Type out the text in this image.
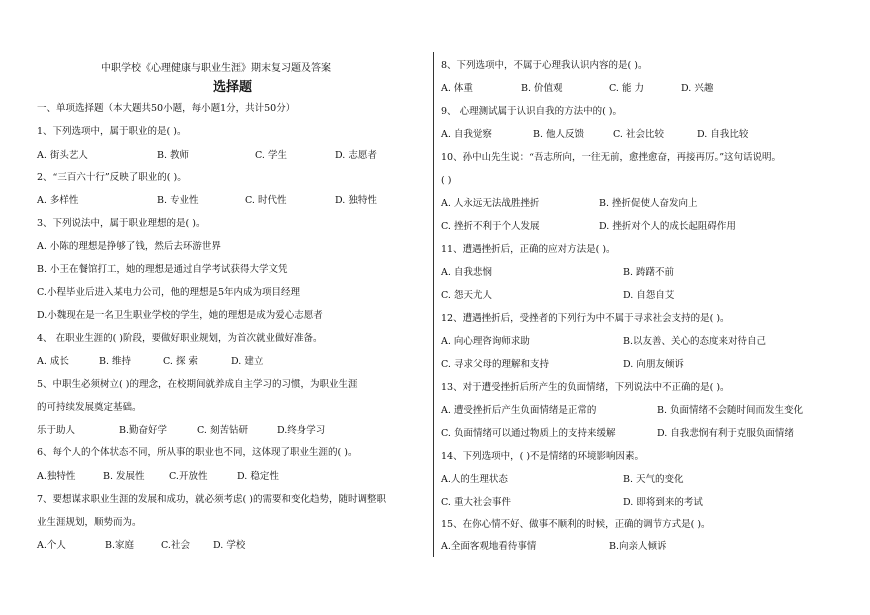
中职学校《心理健康与职业生涯》期末复习题及答案
选择题
一、单项选择题（本大题共50小题，每小题1分，共计50分）
1、下列选项中，属于职业的是( )。
A. 街头艺人	B. 教师	C. 学生	D. 志愿者
2、“三百六十行”反映了职业的( )。
A. 多样性	B. 专业性	C. 时代性	D. 独特性
3、下列说法中，属于职业理想的是( )。
A. 小陈的理想是挣够了钱，然后去环游世界
B. 小王在餐馆打工，她的理想是通过自学考试获得大学文凭
C.小程毕业后进入某电力公司，他的理想是5年内成为项目经理
D.小魏现在是一名卫生职业学校的学生，她的理想是成为爱心志愿者
4、 在职业生涯的( )阶段，要做好职业规划，为首次就业做好准备。
A. 成长	B. 维持	C. 探 索	D. 建立
5、中职生必须树立( )的理念，在校期间就养成自主学习的习惯，为职业生涯
的可持续发展奠定基础。
乐于助人	B.勤奋好学	C. 刻苦钻研	D.终身学习
6、每个人的个体状态不同，所从事的职业也不同，这体现了职业生涯的( )。
A.独特性	B. 发展性	C.开放性	D. 稳定性
7、要想谋求职业生涯的发展和成功，就必须考虑( )的需要和变化趋势，随时调整职
业生涯规划，顺势而为。
A.个人	B.家庭	C.社会 D. 学校
8、下列选项中，不属于心理我认识内容的是( )。
A. 体重	B. 价值观	C. 能 力	D. 兴趣
9、 心理测试属于认识自我的方法中的( )。
A. 自我觉察	B. 他人反馈	C. 社会比较	D. 自我比较
10、孙中山先生说：“吾志所向，一往无前，愈挫愈奋，再接再厉。”这句话说明。
( )
A. 人永远无法战胜挫折	B. 挫折促使人奋发向上
C. 挫折不利于个人发展	D. 挫折对个人的成长起阻碍作用
11、遭遇挫折后，正确的应对方法是( )。
A. 自我悲悯	B. 踌躇不前
C. 怨天尤人	D. 自怨自艾
12、遭遇挫折后，受挫者的下列行为中不属于寻求社会支持的是( )。
A. 向心理咨询师求助	B.以友善、关心的态度来对待自己
C. 寻求父母的理解和支持	D. 向朋友倾诉
13、对于遭受挫折后所产生的负面情绪，下列说法中不正确的是( )。
A. 遭受挫折后产生负面情绪是正常的	B. 负面情绪不会随时间而发生变化
C. 负面情绪可以通过物质上的支持来缓解	D. 自我悲悯有利于克服负面情绪
14、下列选项中，( )不是情绪的环境影响因素。
A.人的生理状态	B. 天气的变化
C. 重大社会事件	D. 即将到来的考试
15、在你心情不好、做事不顺利的时候，正确的调节方式是( )。
A.全面客观地看待事情	B.向亲人倾诉
